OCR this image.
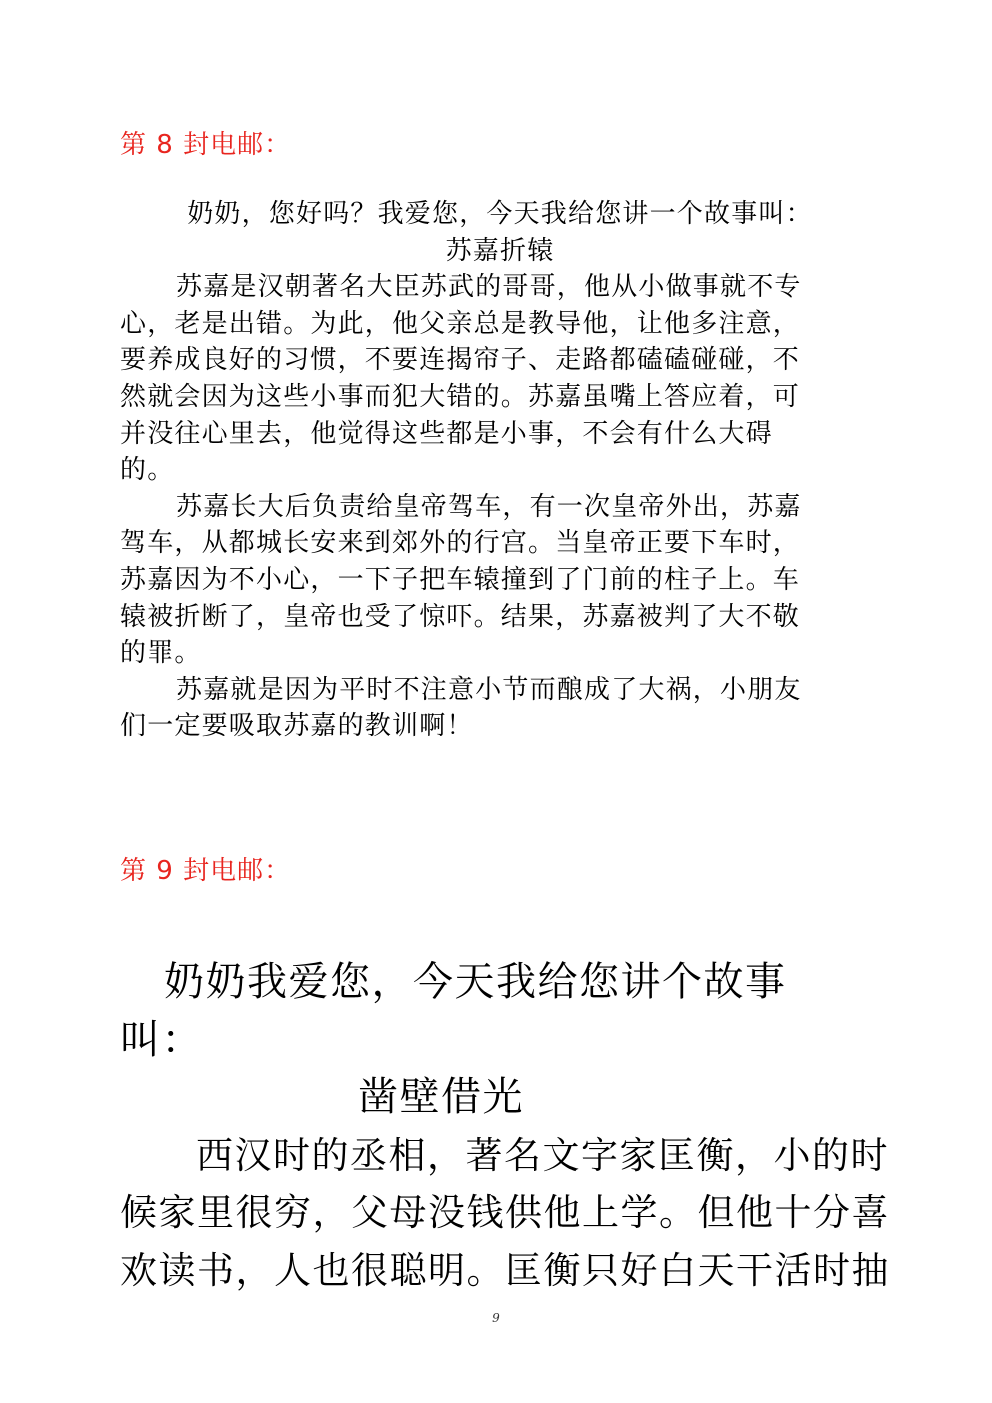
第 8 封电邮：

奶奶，您好吗？我爱您，今天我给您讲一个故事叫：

苏嘉折辕

苏嘉是汉朝著名大臣苏武的哥哥，他从小做事就不专

心，老是出错。为此，他父亲总是教导他，让他多注意，

要养成良好的习惯，不要连揭帘子、走路都磕磕碰碰，不

然就会因为这些小事而犯大错的。苏嘉虽嘴上答应着，可

并没往心里去，他觉得这些都是小事，不会有什么大碍

的。

苏嘉长大后负责给皇帝驾车，有一次皇帝外出，苏嘉

驾车，从都城长安来到郊外的行宫。当皇帝正要下车时，

苏嘉因为不小心，一下子把车辕撞到了门前的柱子上。车

辕被折断了，皇帝也受了惊吓。结果，苏嘉被判了大不敬

的罪。

苏嘉就是因为平时不注意小节而酿成了大祸，小朋友

们一定要吸取苏嘉的教训啊！

第 9 封电邮：

奶奶我爱您，今天我给您讲个故事

叫：

凿壁借光

西汉时的丞相，著名文字家匡衡，小的时

候家里很穷，父母没钱供他上学。但他十分喜

欢读书，人也很聪明。匡衡只好白天干活时抽

9
